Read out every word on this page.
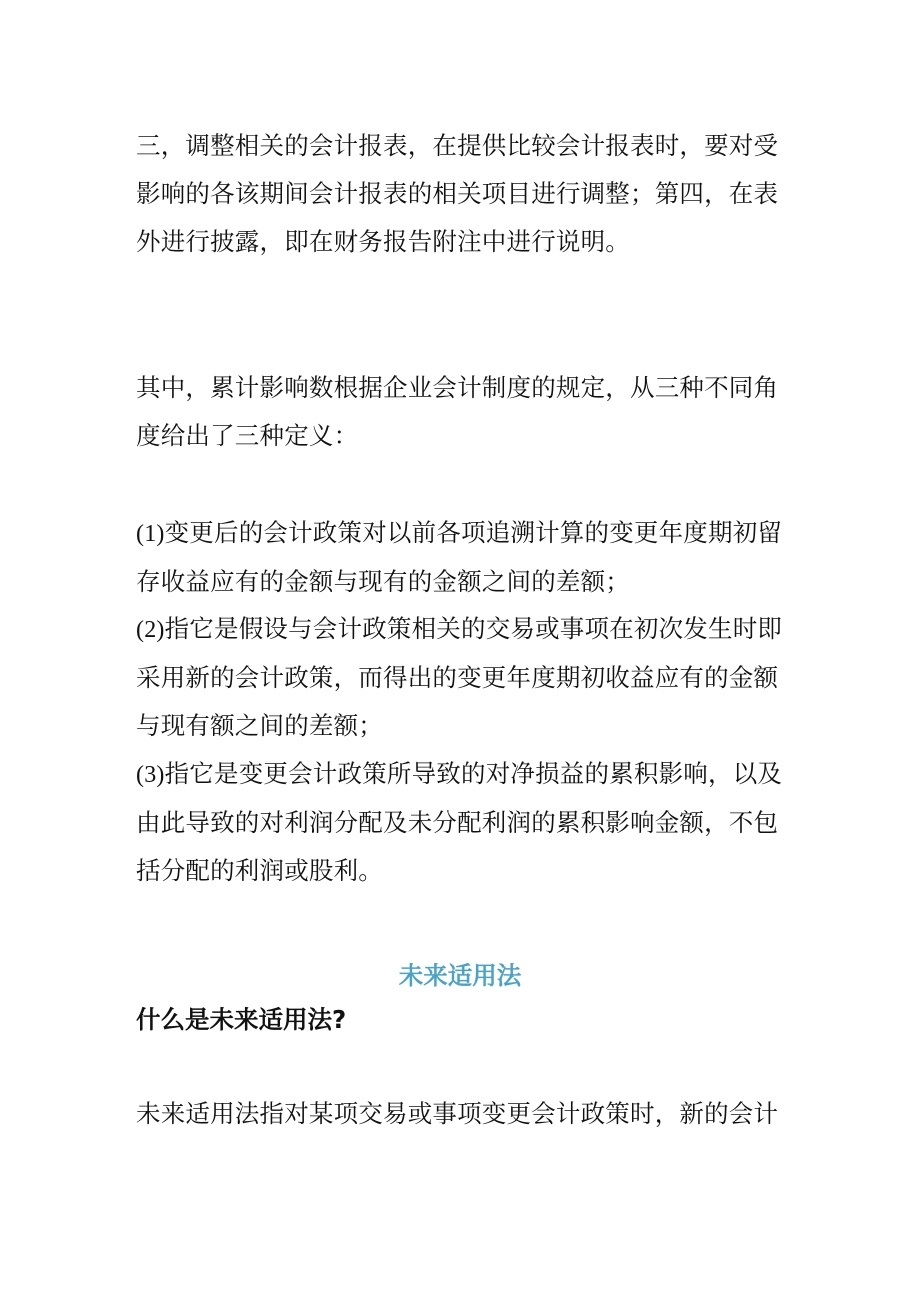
三，调整相关的会计报表，在提供比较会计报表时，要对受影响的各该期间会计报表的相关项目进行调整；第四，在表外进行披露，即在财务报告附注中进行说明。

其中，累计影响数根据企业会计制度的规定，从三种不同角度给出了三种定义：

(1)变更后的会计政策对以前各项追溯计算的变更年度期初留存收益应有的金额与现有的金额之间的差额；

(2)指它是假设与会计政策相关的交易或事项在初次发生时即采用新的会计政策，而得出的变更年度期初收益应有的金额与现有额之间的差额；

(3)指它是变更会计政策所导致的对净损益的累积影响，以及由此导致的对利润分配及未分配利润的累积影响金额，不包括分配的利润或股利。

未来适用法
什么是未来适用法?

未来适用法指对某项交易或事项变更会计政策时，新的会计
